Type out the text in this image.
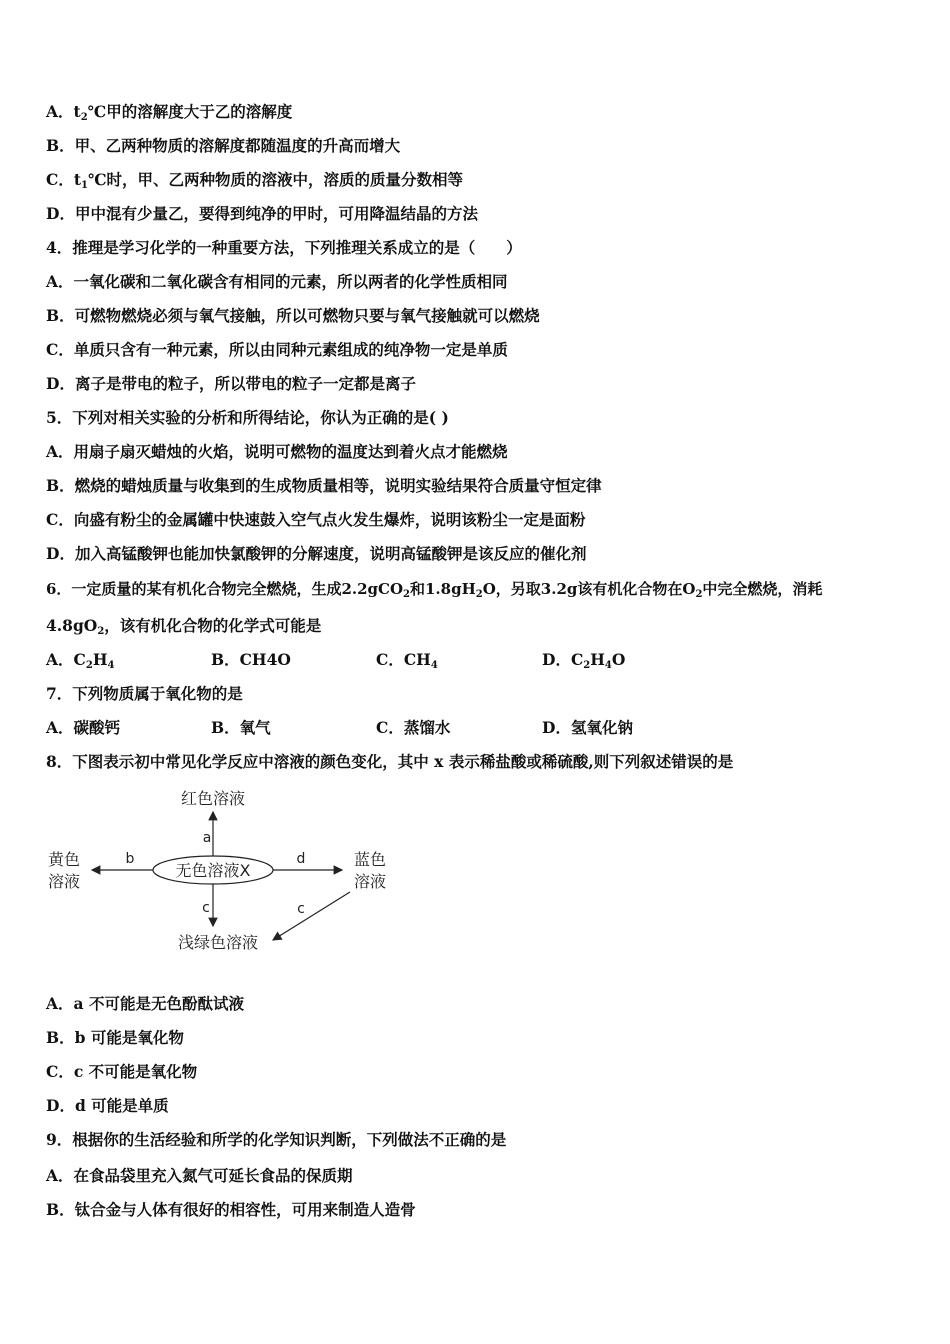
A．$t_2℃$甲的溶解度大于乙的溶解度
B．甲、乙两种物质的溶解度都随温度的升高而增大
C．$t_1℃$时，甲、乙两种物质的溶液中，溶质的质量分数相等
D．甲中混有少量乙，要得到纯净的甲时，可用降温结晶的方法
4．推理是学习化学的一种重要方法，下列推理关系成立的是（　　）
A．一氧化碳和二氧化碳含有相同的元素，所以两者的化学性质相同
B．可燃物燃烧必须与氧气接触，所以可燃物只要与氧气接触就可以燃烧
C．单质只含有一种元素，所以由同种元素组成的纯净物一定是单质
D．离子是带电的粒子，所以带电的粒子一定都是离子
5．下列对相关实验的分析和所得结论，你认为正确的是( )
A．用扇子扇灭蜡烛的火焰，说明可燃物的温度达到着火点才能燃烧
B．燃烧的蜡烛质量与收集到的生成物质量相等，说明实验结果符合质量守恒定律
C．向盛有粉尘的金属罐中快速鼓入空气点火发生爆炸，说明该粉尘一定是面粉
D．加入高锰酸钾也能加快氯酸钾的分解速度，说明高锰酸钾是该反应的催化剂
6．一定质量的某有机化合物完全燃烧，生成2.2gCO$_2$和$1.8gH_2O$，另取3.2g该有机化合物在$O_2$中完全燃烧，消耗
$4.8gO_2$，该有机化合物的化学式可能是
A．$C_2H_4$	B．CH4O	C．$CH_4$	D．$C_2H_4O$
7．下列物质属于氧化物的是
A．碳酸钙	B．氧气	C．蒸馏水	D．氢氧化钠
8．下图表示初中常见化学反应中溶液的颜色变化，其中 x 表示稀盐酸或稀硫酸,则下列叙述错误的是
无色溶液X
a
红色溶液
b
黄色
溶液
d	蓝色
溶液
c
浅绿色溶液
c
A．a 不可能是无色酚酞试液
B．b 可能是氧化物
C．c 不可能是氧化物
D．d 可能是单质
9．根据你的生活经验和所学的化学知识判断，下列做法不正确的是
A．在食品袋里充入氮气可延长食品的保质期
B．钛合金与人体有很好的相容性，可用来制造人造骨
